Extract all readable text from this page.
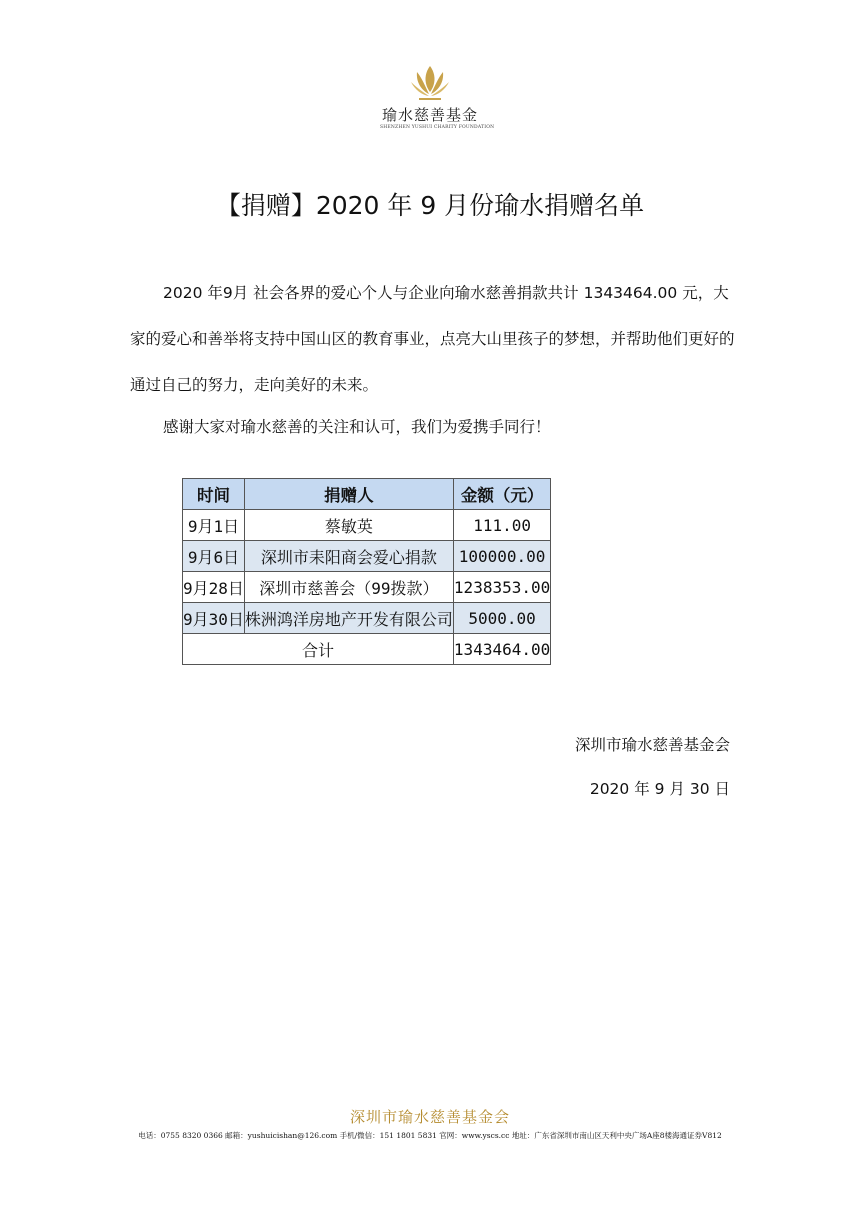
瑜水慈善基金
SHENZHEN YUSHUI CHARITY FOUNDATION
【捐赠】2020 年 9 月份瑜水捐赠名单
2020 年9月 社会各界的爱心个人与企业向瑜水慈善捐款共计 1343464.00 元，大家的爱心和善举将支持中国山区的教育事业，点亮大山里孩子的梦想，并帮助他们更好的通过自己的努力，走向美好的未来。
感谢大家对瑜水慈善的关注和认可，我们为爱携手同行！
时间	捐赠人	金额（元）
9月1日	蔡敏英	111.00
9月6日	深圳市耒阳商会爱心捐款	100000.00
9月28日	深圳市慈善会（99拨款）	1238353.00
9月30日	株洲鸿洋房地产开发有限公司	5000.00
合计		1343464.00
深圳市瑜水慈善基金会
2020 年 9 月 30 日
深圳市瑜水慈善基金会
电话：0755 8320 0366 邮箱：yushuicishan@126.com 手机/微信：151 1801 5831 官网：www.yscs.cc 地址：广东省深圳市南山区天利中央广场A座8楼海通证券V812
